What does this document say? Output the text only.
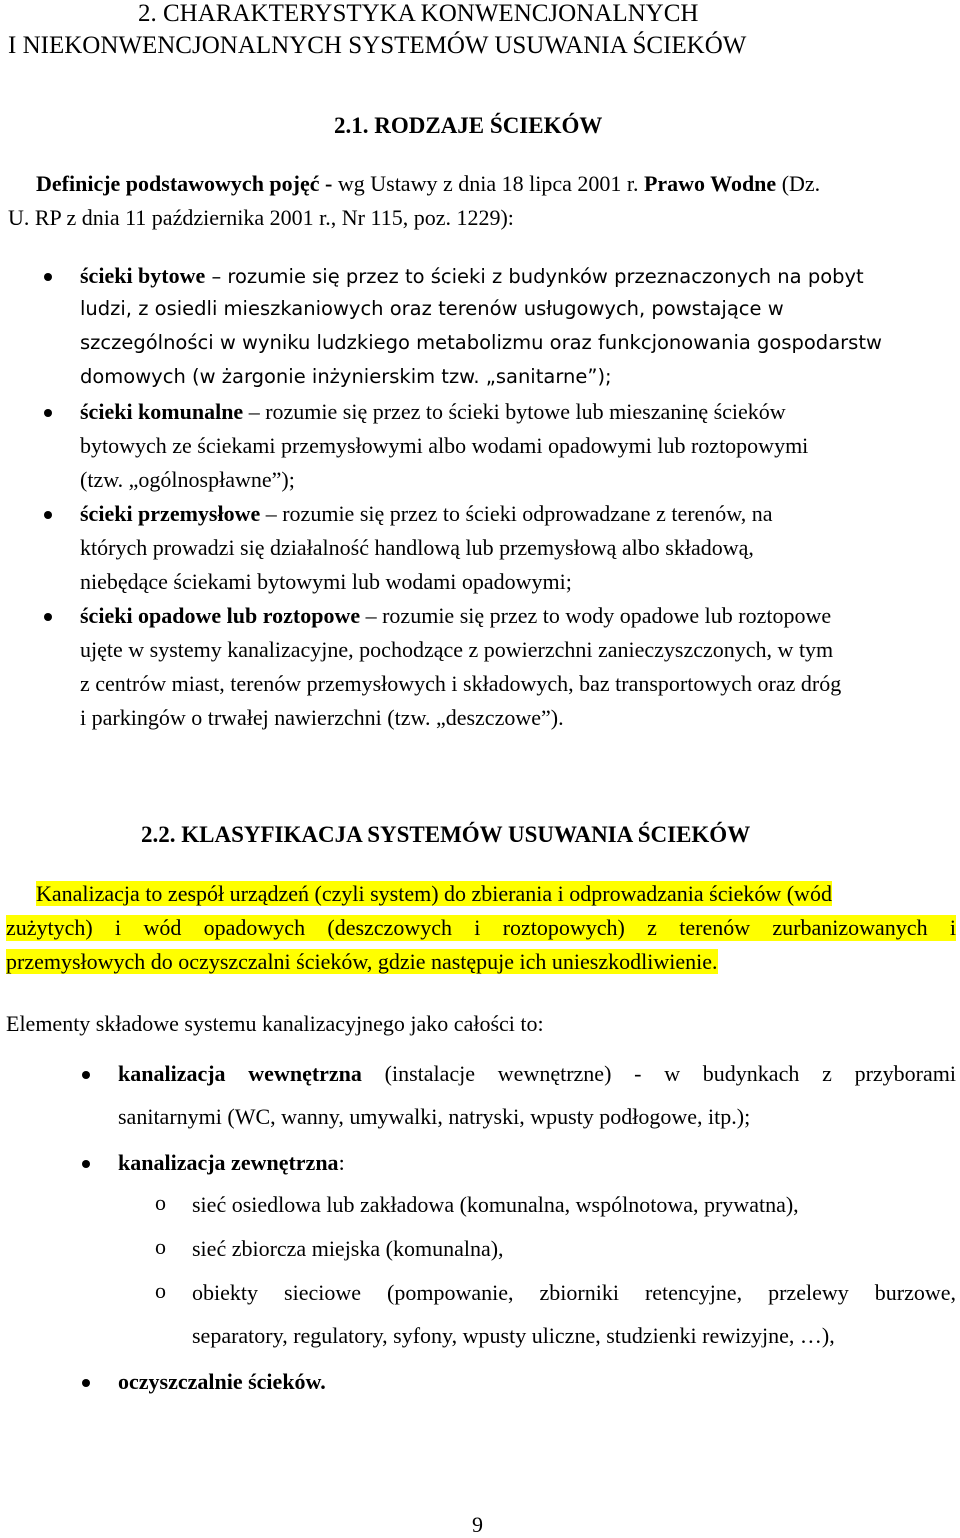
2. CHARAKTERYSTYKA KONWENCJONALNYCH
I NIEKONWENCJONALNYCH SYSTEMÓW USUWANIA ŚCIEKÓW
2.1. RODZAJE ŚCIEKÓW
Definicje podstawowych pojęć - wg Ustawy z dnia 18 lipca 2001 r. Prawo Wodne (Dz.
U. RP z dnia 11 października 2001 r., Nr 115, poz. 1229):
ścieki bytowe – rozumie się przez to ścieki z budynków przeznaczonych na pobyt
ludzi, z osiedli mieszkaniowych oraz terenów usługowych, powstające w
szczególności w wyniku ludzkiego metabolizmu oraz funkcjonowania gospodarstw
domowych (w żargonie inżynierskim tzw. „sanitarne”);
ścieki komunalne – rozumie się przez to ścieki bytowe lub mieszaninę ścieków
bytowych ze ściekami przemysłowymi albo wodami opadowymi lub roztopowymi
(tzw. „ogólnospławne”);
ścieki przemysłowe – rozumie się przez to ścieki odprowadzane z terenów, na
których prowadzi się działalność handlową lub przemysłową albo składową,
niebędące ściekami bytowymi lub wodami opadowymi;
ścieki opadowe lub roztopowe – rozumie się przez to wody opadowe lub roztopowe
ujęte w systemy kanalizacyjne, pochodzące z powierzchni zanieczyszczonych, w tym
z centrów miast, terenów przemysłowych i składowych, baz transportowych oraz dróg
i parkingów o trwałej nawierzchni (tzw. „deszczowe”).
2.2. KLASYFIKACJA SYSTEMÓW USUWANIA ŚCIEKÓW
Kanalizacja to zespół urządzeń (czyli system) do zbierania i odprowadzania ścieków (wód
zużytych) i wód opadowych (deszczowych i roztopowych) z terenów zurbanizowanych i
przemysłowych do oczyszczalni ścieków, gdzie następuje ich unieszkodliwienie.
Elementy składowe systemu kanalizacyjnego jako całości to:
kanalizacja wewnętrzna (instalacje wewnętrzne) - w budynkach z przyborami
sanitarnymi (WC, wanny, umywalki, natryski, wpusty podłogowe, itp.);
kanalizacja zewnętrzna:
o sieć osiedlowa lub zakładowa (komunalna, wspólnotowa, prywatna),
o sieć zbiorcza miejska (komunalna),
o obiekty sieciowe (pompowanie, zbiorniki retencyjne, przelewy burzowe,
separatory, regulatory, syfony, wpusty uliczne, studzienki rewizyjne, …),
oczyszczalnie ścieków.
9
